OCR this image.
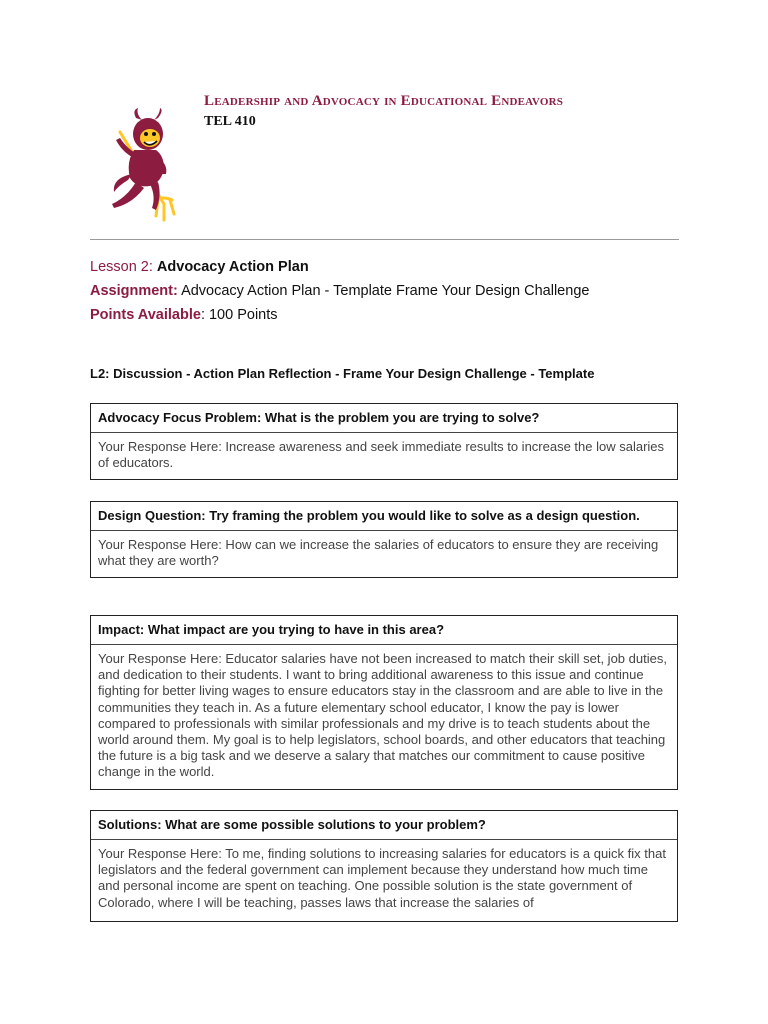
Leadership and Advocacy in Educational Endeavors
TEL 410
Lesson 2: Advocacy Action Plan
Assignment: Advocacy Action Plan - Template Frame Your Design Challenge
Points Available: 100 Points
L2: Discussion - Action Plan Reflection - Frame Your Design Challenge - Template
Advocacy Focus Problem: What is the problem you are trying to solve?
Your Response Here: Increase awareness and seek immediate results to increase the low salaries of educators.
Design Question: Try framing the problem you would like to solve as a design question.
Your Response Here: How can we increase the salaries of educators to ensure they are receiving what they are worth?
Impact: What impact are you trying to have in this area?
Your Response Here: Educator salaries have not been increased to match their skill set, job duties, and dedication to their students. I want to bring additional awareness to this issue and continue fighting for better living wages to ensure educators stay in the classroom and are able to live in the communities they teach in. As a future elementary school educator, I know the pay is lower compared to professionals with similar professionals and my drive is to teach students about the world around them. My goal is to help legislators, school boards, and other educators that teaching the future is a big task and we deserve a salary that matches our commitment to cause positive change in the world.
Solutions: What are some possible solutions to your problem?
Your Response Here: To me, finding solutions to increasing salaries for educators is a quick fix that legislators and the federal government can implement because they understand how much time and personal income are spent on teaching. One possible solution is the state government of Colorado, where I will be teaching, passes laws that increase the salaries of
